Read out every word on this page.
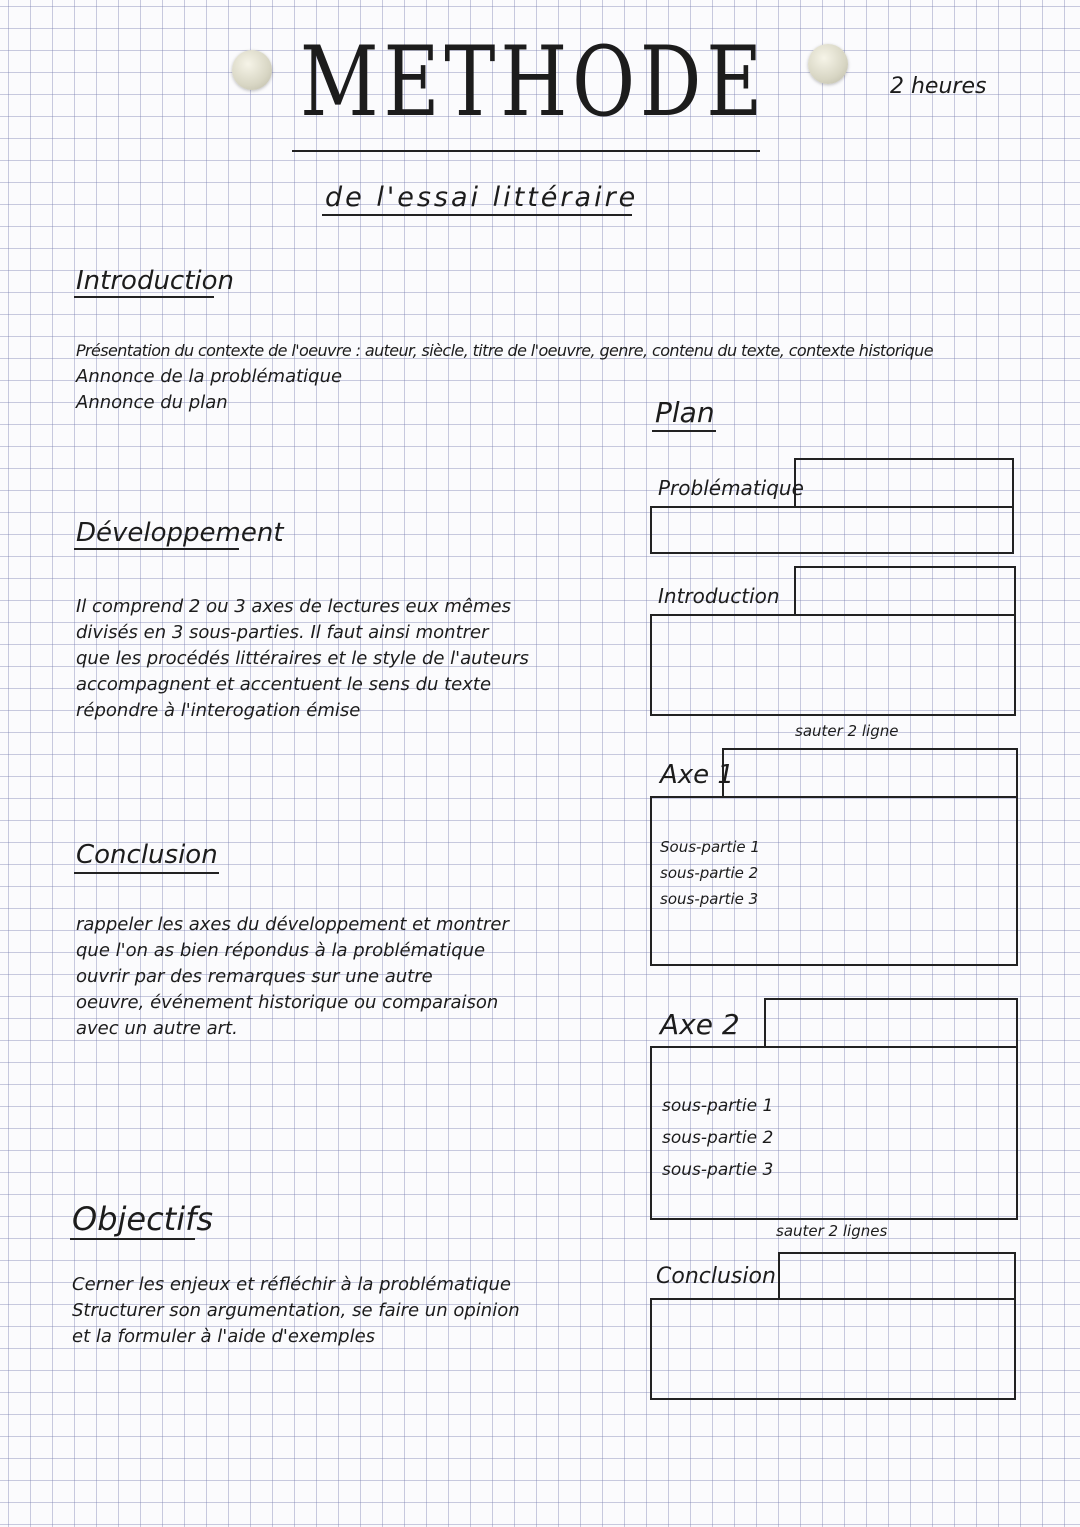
METHODE
de l'essai littéraire
2 heures
Introduction
Présentation du contexte de l'oeuvre : auteur, siècle, titre de l'oeuvre, genre, contenu du texte, contexte historique
Annonce de la problématique
Annonce du plan
Développement
Il comprend 2 ou 3 axes de lectures eux mêmes
divisés en 3 sous-parties. Il faut ainsi montrer
que les procédés littéraires et le style de l'auteurs
accompagnent et accentuent le sens du texte
répondre à l'interogation émise
Conclusion
rappeler les axes du développement et montrer
que l'on as bien répondus à la problématique
ouvrir par des remarques sur une autre
oeuvre, événement historique ou comparaison
avec un autre art.
Objectifs
Cerner les enjeux et réfléchir à la problématique
Structurer son argumentation, se faire un opinion
et la formuler à l'aide d'exemples
Plan
Problématique
Introduction
sauter 2 ligne
Axe 1
Sous-partie 1
sous-partie 2
sous-partie 3
Axe 2
sous-partie 1
sous-partie 2
sous-partie 3
sauter 2 lignes
Conclusion
